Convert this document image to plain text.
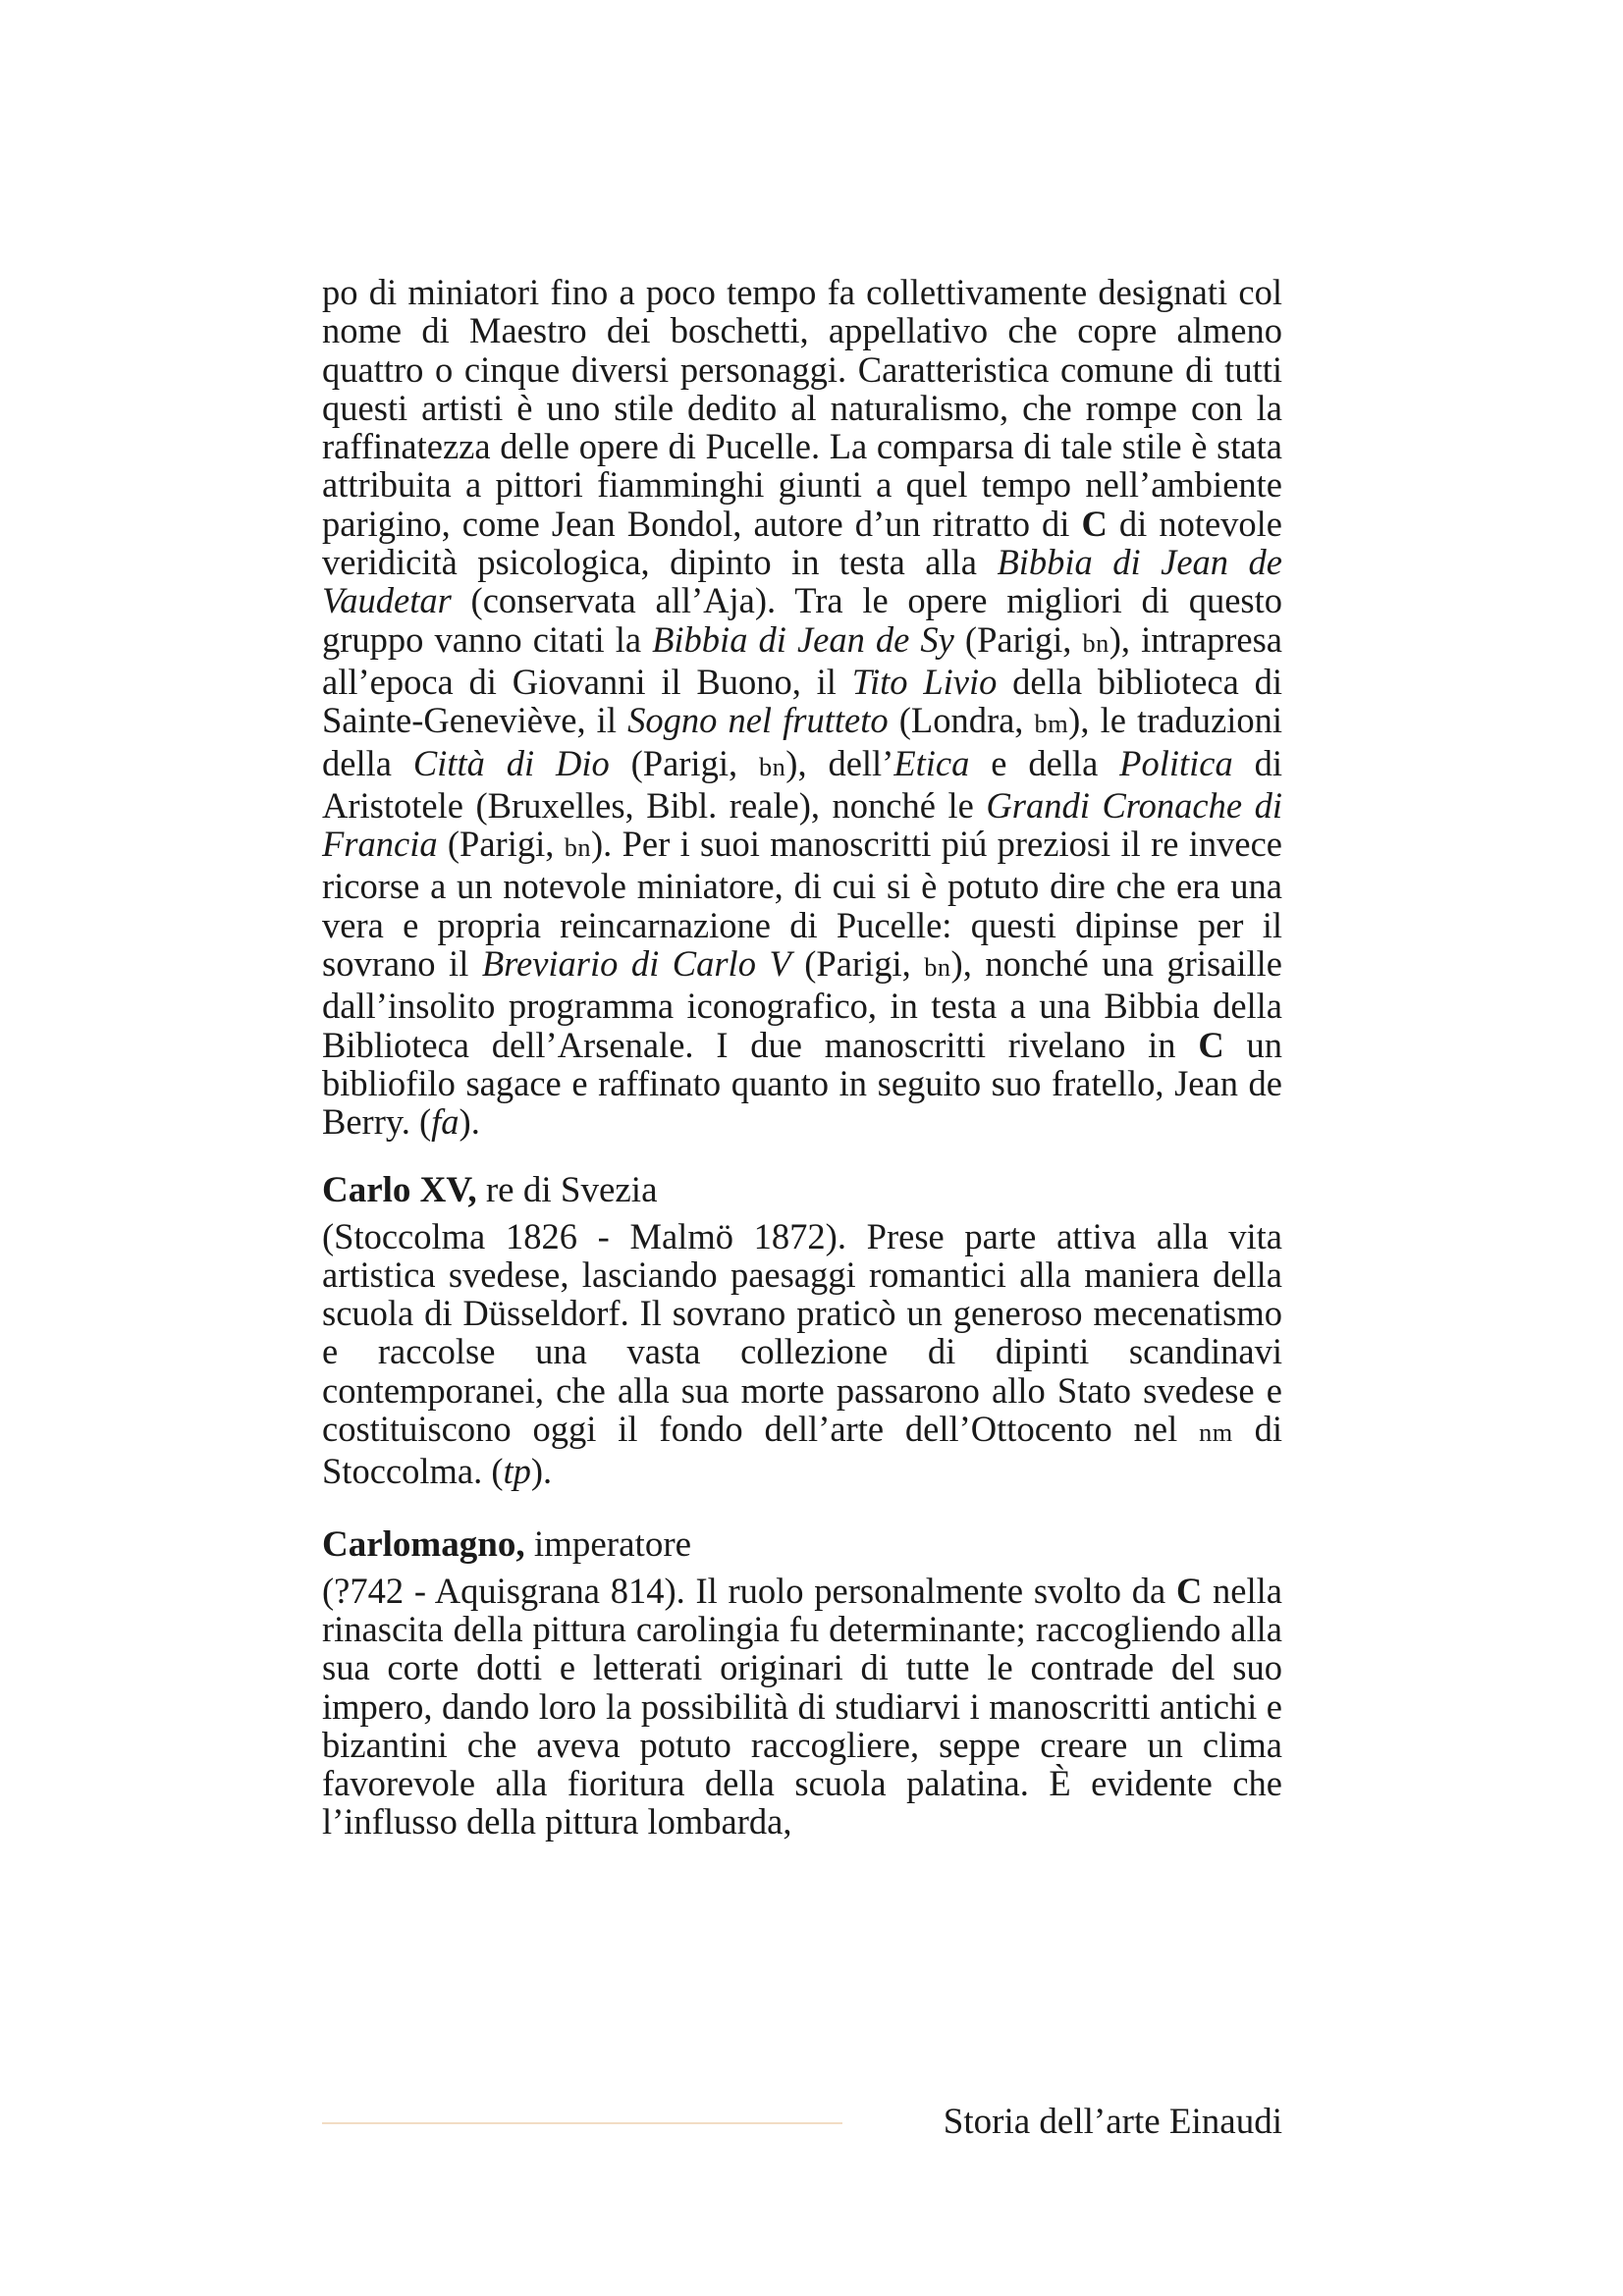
po di miniatori fino a poco tempo fa collettivamente designati col nome di Maestro dei boschetti, appellativo che copre almeno quattro o cinque diversi personaggi. Caratteristica comune di tutti questi artisti è uno stile dedito al naturalismo, che rompe con la raffinatezza delle opere di Pucelle. La comparsa di tale stile è stata attribuita a pittori fiamminghi giunti a quel tempo nell’ambiente parigino, come Jean Bondol, autore d’un ritratto di C di notevole veridicità psicologica, dipinto in testa alla Bibbia di Jean de Vaudetar (conservata all’Aja). Tra le opere migliori di questo gruppo vanno citati la Bibbia di Jean de Sy (Parigi, bn), intrapresa all’epoca di Giovanni il Buono, il Tito Livio della biblioteca di Sainte-Geneviève, il Sogno nel frutteto (Londra, bm), le traduzioni della Città di Dio (Parigi, bn), dell’Etica e della Politica di Aristotele (Bruxelles, Bibl. reale), nonché le Grandi Cronache di Francia (Parigi, bn). Per i suoi manoscritti piú preziosi il re invece ricorse a un notevole miniatore, di cui si è potuto dire che era una vera e propria reincarnazione di Pucelle: questi dipinse per il sovrano il Breviario di Carlo V (Parigi, bn), nonché una grisaille dall’insolito programma iconografico, in testa a una Bibbia della Biblioteca dell’Arsenale. I due manoscritti rivelano in C un bibliofilo sagace e raffinato quanto in seguito suo fratello, Jean de Berry. (fa).

Carlo XV, re di Svezia

(Stoccolma 1826 - Malmö 1872). Prese parte attiva alla vita artistica svedese, lasciando paesaggi romantici alla maniera della scuola di Düsseldorf. Il sovrano praticò un generoso mecenatismo e raccolse una vasta collezione di dipinti scandinavi contemporanei, che alla sua morte passarono allo Stato svedese e costituiscono oggi il fondo dell’arte dell’Ottocento nel nm di Stoccolma. (tp).

Carlomagno, imperatore

(?742 - Aquisgrana 814). Il ruolo personalmente svolto da C nella rinascita della pittura carolingia fu determinante; raccogliendo alla sua corte dotti e letterati originari di tutte le contrade del suo impero, dando loro la possibilità di studiarvi i manoscritti antichi e bizantini che aveva potuto raccogliere, seppe creare un clima favorevole alla fioritura della scuola palatina. È evidente che l’influsso della pittura lombarda,

Storia dell’arte Einaudi
